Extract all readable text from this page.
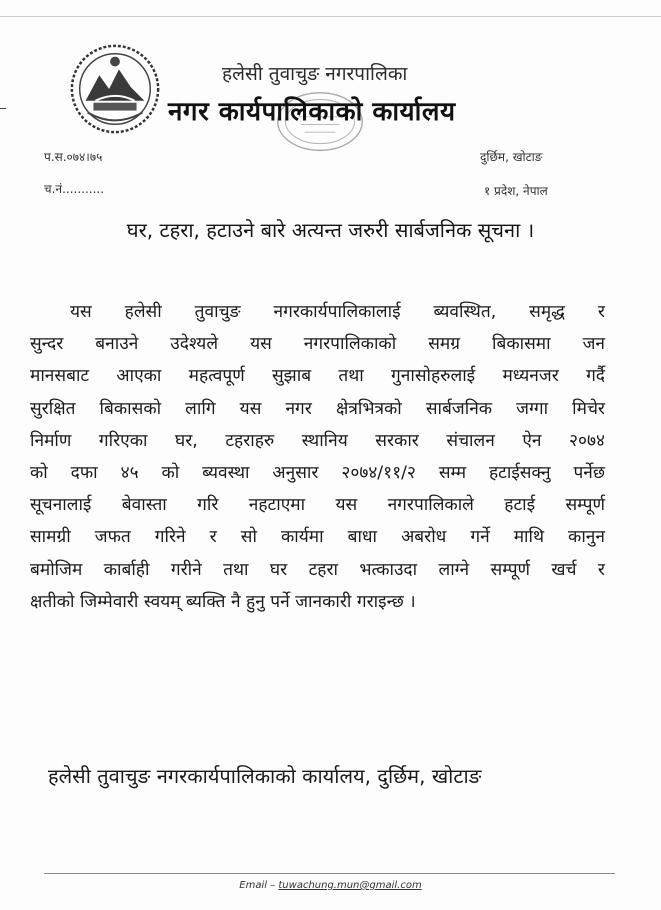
हलेसी तुवाचुङ नगरपालिका
नगर कार्यपालिकाको कार्यालय
प.स.०७४।७५
च.नं...........
दुर्छिम, खोटाङ
१ प्रदेश, नेपाल
घर, टहरा, हटाउने बारे अत्यन्त जरुरी सार्बजनिक सूचना ।
यस हलेसी तुवाचुङ नगरकार्यपालिकालाई ब्यवस्थित, समृद्ध र
सुन्दर बनाउने उदेश्यले यस नगरपालिकाको समग्र बिकासमा जन
मानसबाट आएका महत्वपूर्ण सुझाब तथा गुनासोहरुलाई मध्यनजर गर्दै
सुरक्षित बिकासको लागि यस नगर क्षेत्रभित्रको सार्बजनिक जग्गा मिचेर
निर्माण गरिएका घर, टहराहरु स्थानिय सरकार संचालन ऐन २०७४
को दफा ४५ को ब्यवस्था अनुसार २०७४/११/२ सम्म हटाईसक्नु पर्नेछ
सूचनालाई बेवास्ता गरि नहटाएमा यस नगरपालिकाले हटाई सम्पूर्ण
सामग्री जफत गरिने र सो कार्यमा बाधा अबरोध गर्ने माथि कानुन
बमोजिम कार्बाही गरीने तथा घर टहरा भत्काउदा लाग्ने सम्पूर्ण खर्च र
क्षतीको जिम्मेवारी स्वयम् ब्यक्ति नै हुनु पर्ने जानकारी गराइन्छ ।
हलेसी तुवाचुङ नगरकार्यपालिकाको कार्यालय, दुर्छिम, खोटाङ
Email – tuwachung.mun@gmail.com
